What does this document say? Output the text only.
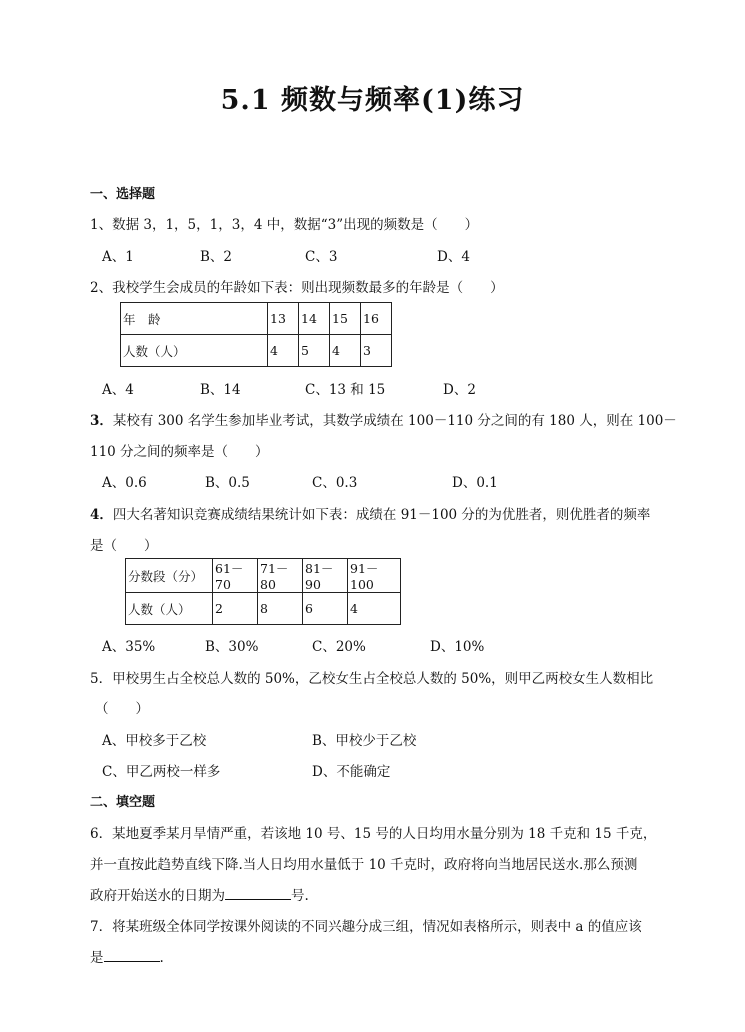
5.1 频数与频率(1)练习
一、选择题
1、数据 3，1，5，1，3，4 中，数据“3”出现的频数是（　　）
A、1	B、2	C、3	D、4
2、我校学生会成员的年龄如下表：则出现频数最多的年龄是（　　）
年　龄	13	14	15	16
人数（人）	4	5	4	3
A、4	B、14	C、13 和 15	D、2
3．某校有 300 名学生参加毕业考试，其数学成绩在 100－110 分之间的有 180 人，则在 100－
110 分之间的频率是（　　）
A、0.6	B、0.5	C、0.3	D、0.1
4．四大名著知识竞赛成绩结果统计如下表：成绩在 91－100 分的为优胜者，则优胜者的频率
是（　　）
分数段（分）	61－70	71－80	81－90	91－100
人数（人）	2	8	6	4
A、35%	B、30%	C、20%	D、10%
5．甲校男生占全校总人数的 50%，乙校女生占全校总人数的 50%，则甲乙两校女生人数相比
（　　）
A、甲校多于乙校	B、甲校少于乙校
C、甲乙两校一样多	D、不能确定
二、填空题
6．某地夏季某月旱情严重，若该地 10 号、15 号的人日均用水量分别为 18 千克和 15 千克，
并一直按此趋势直线下降.当人日均用水量低于 10 千克时，政府将向当地居民送水.那么预测
政府开始送水的日期为	号.
7．将某班级全体同学按课外阅读的不同兴趣分成三组，情况如表格所示，则表中 a 的值应该
是	.
